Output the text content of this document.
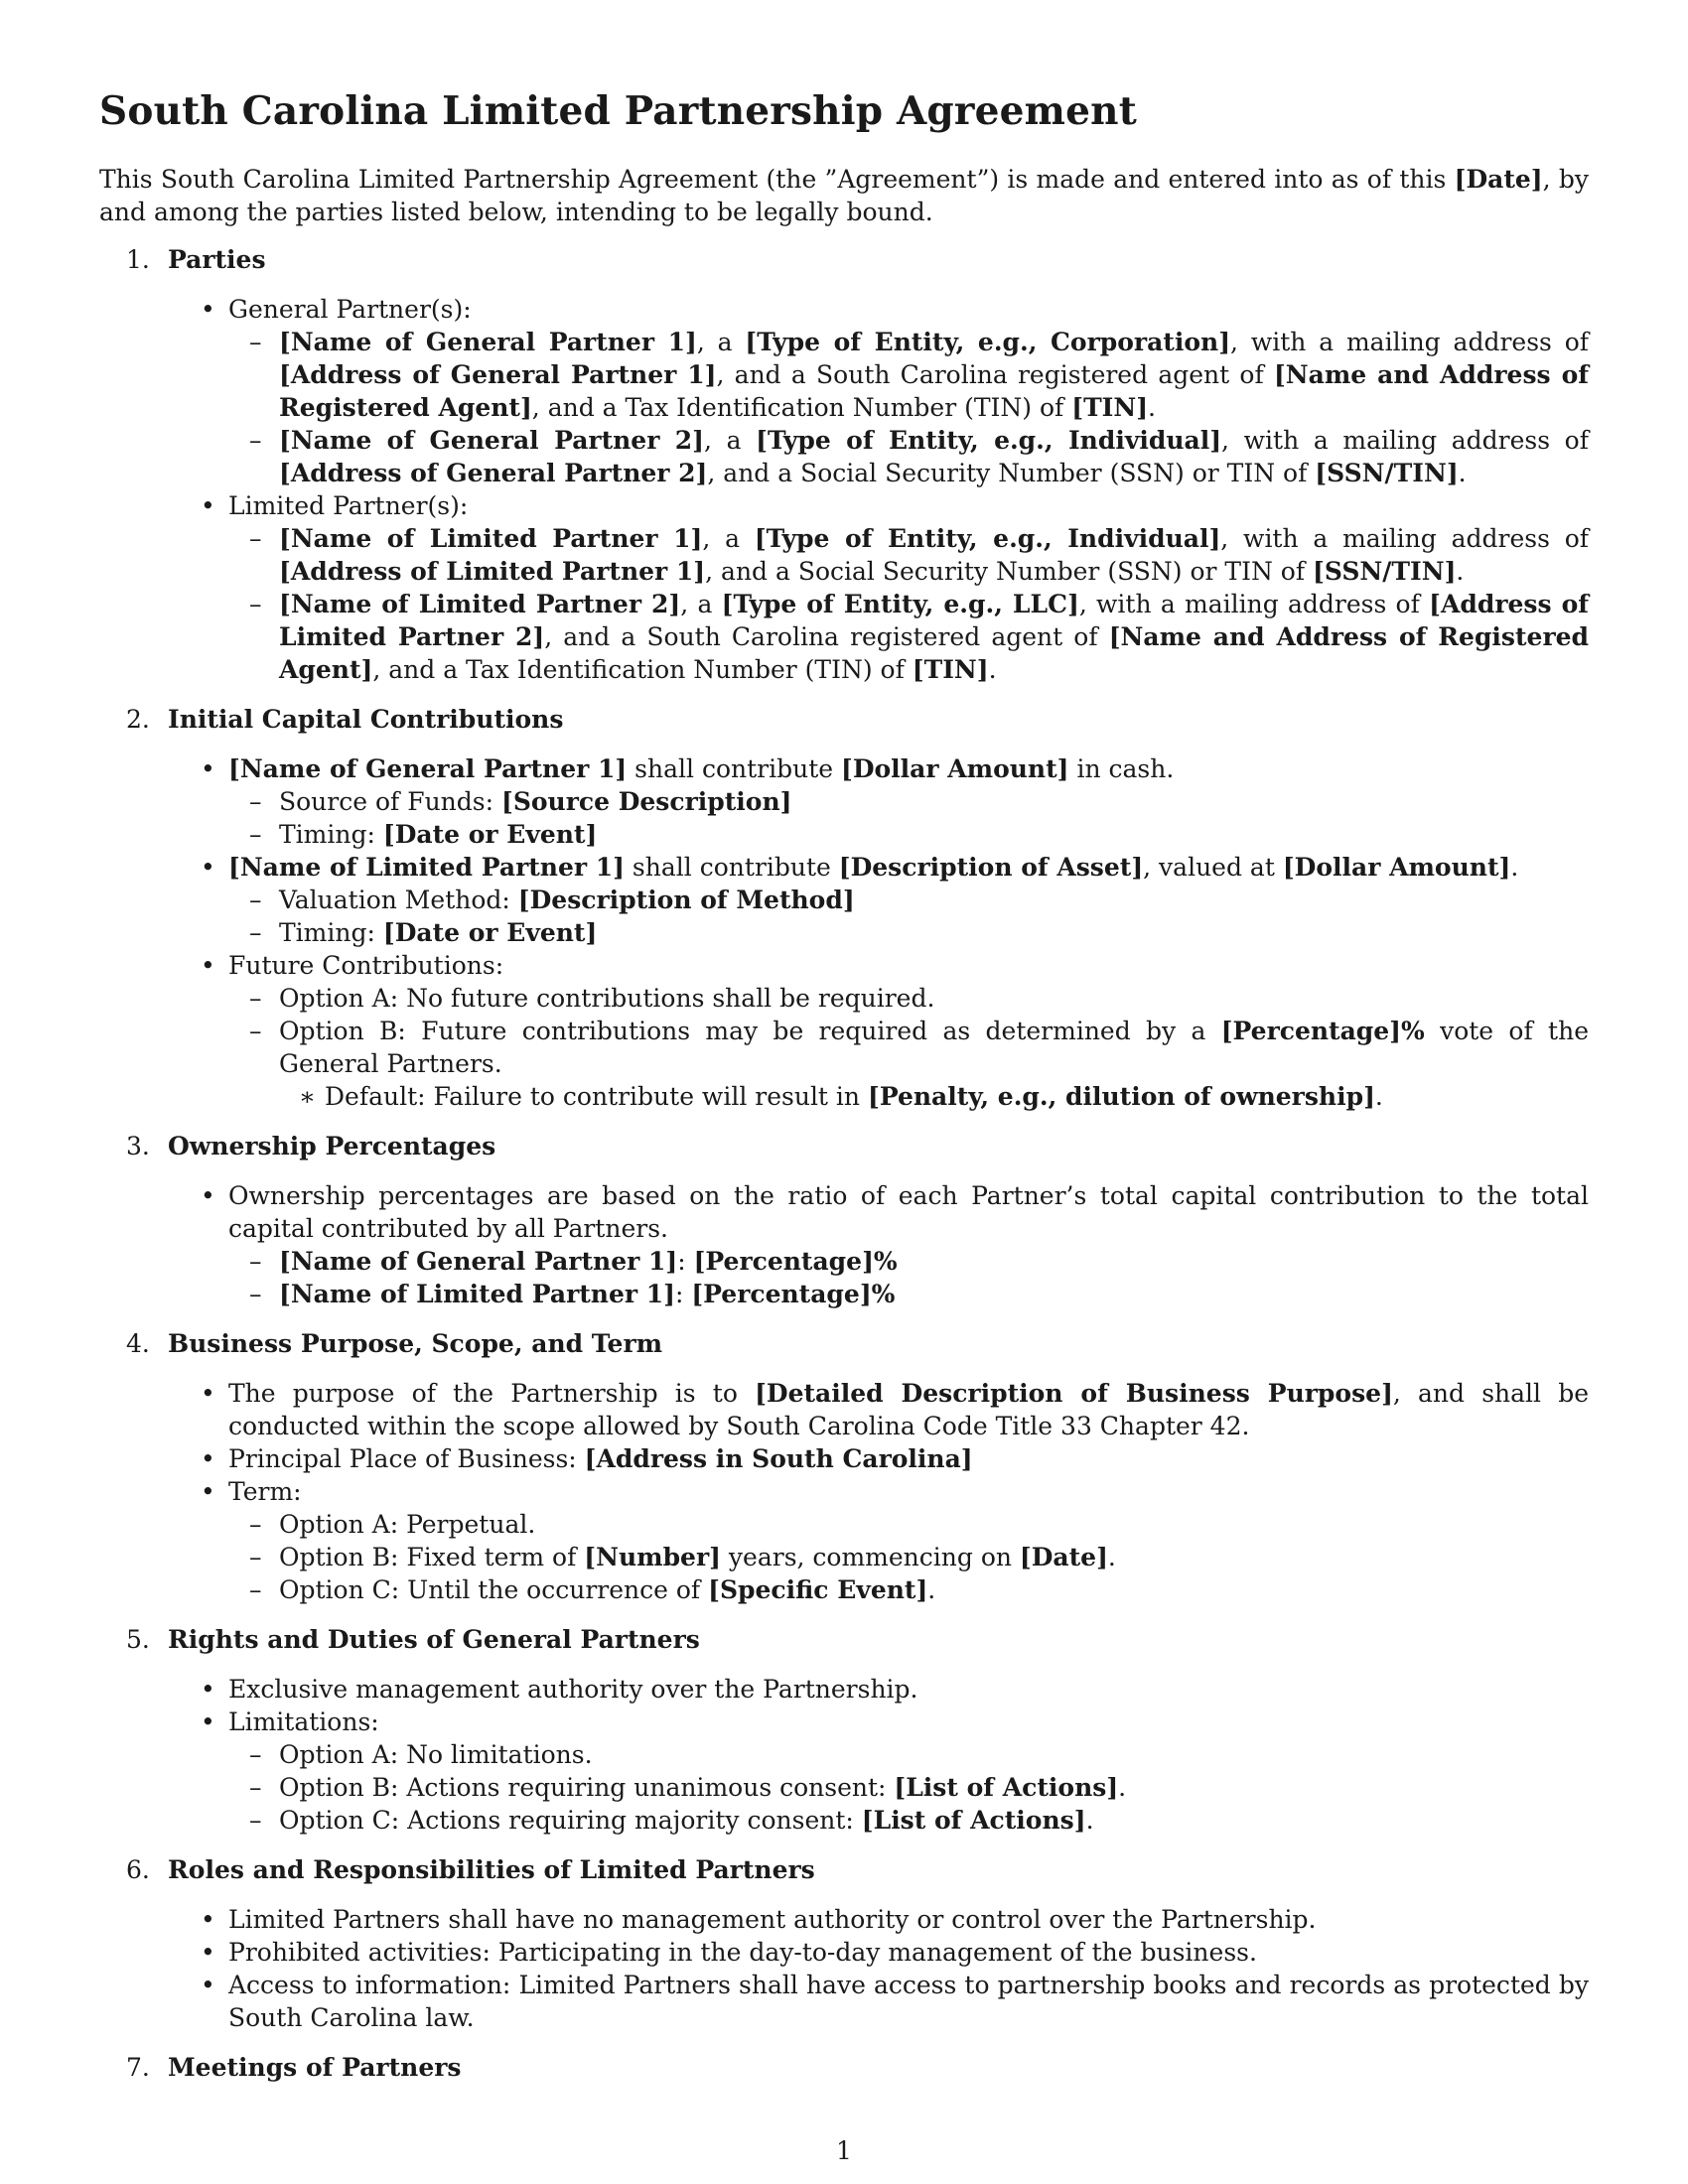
South Carolina Limited Partnership Agreement
This South Carolina Limited Partnership Agreement (the ”Agreement”) is made and entered into as of this [Date], by and among the parties listed below, intending to be legally bound.
1. Parties
• General Partner(s):
– [Name of General Partner 1], a [Type of Entity, e.g., Corporation], with a mailing address of [Address of General Partner 1], and a South Carolina registered agent of [Name and Address of Registered Agent], and a Tax Identification Number (TIN) of [TIN].
– [Name of General Partner 2], a [Type of Entity, e.g., Individual], with a mailing address of [Address of General Partner 2], and a Social Security Number (SSN) or TIN of [SSN/TIN].
• Limited Partner(s):
– [Name of Limited Partner 1], a [Type of Entity, e.g., Individual], with a mailing address of [Address of Limited Partner 1], and a Social Security Number (SSN) or TIN of [SSN/TIN].
– [Name of Limited Partner 2], a [Type of Entity, e.g., LLC], with a mailing address of [Address of Limited Partner 2], and a South Carolina registered agent of [Name and Address of Registered Agent], and a Tax Identification Number (TIN) of [TIN].
2. Initial Capital Contributions
• [Name of General Partner 1] shall contribute [Dollar Amount] in cash.
– Source of Funds: [Source Description]
– Timing: [Date or Event]
• [Name of Limited Partner 1] shall contribute [Description of Asset], valued at [Dollar Amount].
– Valuation Method: [Description of Method]
– Timing: [Date or Event]
• Future Contributions:
– Option A: No future contributions shall be required.
– Option B: Future contributions may be required as determined by a [Percentage]% vote of the General Partners.
∗ Default: Failure to contribute will result in [Penalty, e.g., dilution of ownership].
3. Ownership Percentages
• Ownership percentages are based on the ratio of each Partner’s total capital contribution to the total capital contributed by all Partners.
– [Name of General Partner 1]: [Percentage]%
– [Name of Limited Partner 1]: [Percentage]%
4. Business Purpose, Scope, and Term
• The purpose of the Partnership is to [Detailed Description of Business Purpose], and shall be conducted within the scope allowed by South Carolina Code Title 33 Chapter 42.
• Principal Place of Business: [Address in South Carolina]
• Term:
– Option A: Perpetual.
– Option B: Fixed term of [Number] years, commencing on [Date].
– Option C: Until the occurrence of [Specific Event].
5. Rights and Duties of General Partners
• Exclusive management authority over the Partnership.
• Limitations:
– Option A: No limitations.
– Option B: Actions requiring unanimous consent: [List of Actions].
– Option C: Actions requiring majority consent: [List of Actions].
6. Roles and Responsibilities of Limited Partners
• Limited Partners shall have no management authority or control over the Partnership.
• Prohibited activities: Participating in the day-to-day management of the business.
• Access to information: Limited Partners shall have access to partnership books and records as protected by South Carolina law.
7. Meetings of Partners
1
